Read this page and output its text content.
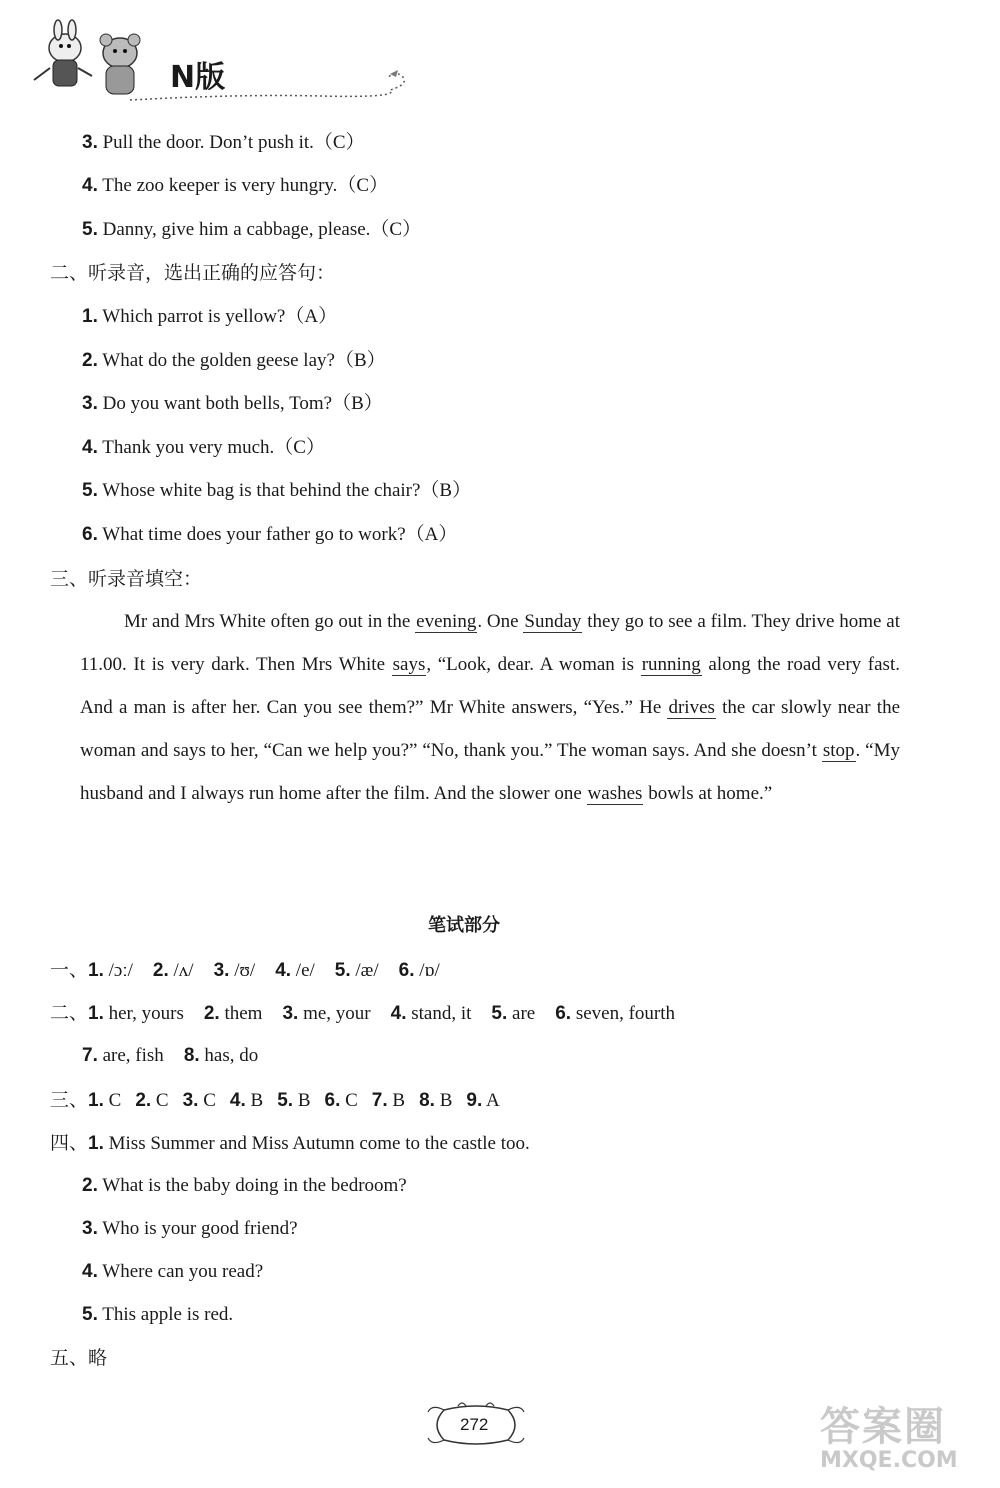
N版
3. Pull the door. Don’t push it.（C）
4. The zoo keeper is very hungry.（C）
5. Danny, give him a cabbage, please.（C）
二、听录音，选出正确的应答句：
1. Which parrot is yellow?（A）
2. What do the golden geese lay?（B）
3. Do you want both bells, Tom?（B）
4. Thank you very much.（C）
5. Whose white bag is that behind the chair?（B）
6. What time does your father go to work?（A）
三、听录音填空：
Mr and Mrs White often go out in the evening. One Sunday they go to see a film. They drive home at 11.00. It is very dark. Then Mrs White says, “Look, dear. A woman is running along the road very fast. And a man is after her. Can you see them?” Mr White answers, “Yes.” He drives the car slowly near the woman and says to her, “Can we help you?” “No, thank you.” The woman says. And she doesn’t stop. “My husband and I always run home after the film. And the slower one washes bowls at home.”
笔试部分
一、1. /ɔː/ 2. /ʌ/ 3. /ʊ/ 4. /e/ 5. /æ/ 6. /ɒ/
二、1. her, yours 2. them 3. me, your 4. stand, it 5. are 6. seven, fourth
7. are, fish 8. has, do
三、1. C 2. C 3. C 4. B 5. B 6. C 7. B 8. B 9. A
四、1. Miss Summer and Miss Autumn come to the castle too.
2. What is the baby doing in the bedroom?
3. Who is your good friend?
4. Where can you read?
5. This apple is red.
五、略
272	答案圈
MXQE.COM
